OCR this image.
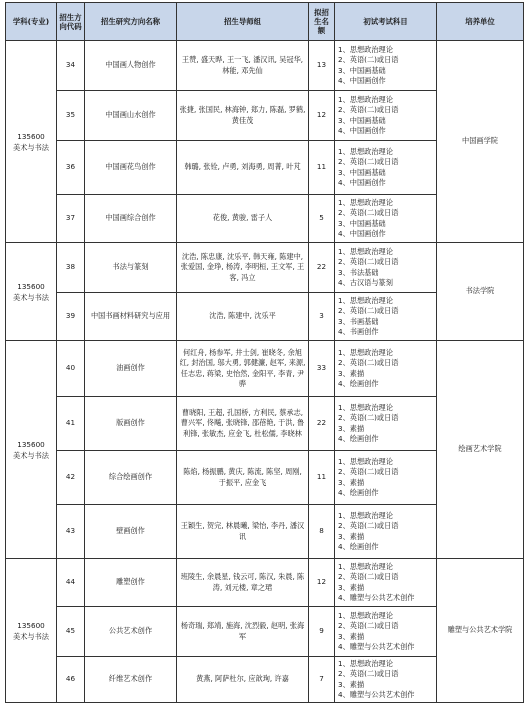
学科(专业)	招生方向代码	招生研究方向名称	招生导师组	拟招生名额	初试考试科目	培养单位
135600
美术与书法	34	中国画人物创作	王赞, 盛天晔, 王一飞, 潘汉讯, 吴冠华, 林能, 邓先仙	13	1、思想政治理论
2、英语(二)或日语
3、中国画基础
4、中国画创作	中国画学院
	35	中国画山水创作	张捷, 张国民, 林海钟, 郑力, 陈磊, 罗鹤, 黄佳茂	12	1、思想政治理论
2、英语(二)或日语
3、中国画基础
4、中国画创作	

	36	中国画花鸟创作	韩璐, 张铨, 卢勇, 刘海勇, 周菁, 叶芃	11	1、思想政治理论
2、英语(二)或日语
3、中国画基础
4、中国画创作	

	37	中国画综合创作	花俊, 黄骏, 雷子人	5	1、思想政治理论
2、英语(二)或日语
3、中国画基础
4、中国画创作	

135600
美术与书法	38	书法与篆刻	沈浩, 陈忠康, 沈乐平, 韩天雍, 陈建中, 张爱国, 金琤, 杨涛, 李明桓, 王文军, 王客, 冯立	22	1、思想政治理论
2、英语(二)或日语
3、书法基础
4、古汉语与篆刻	书法学院
	39	中国书画材料研究与应用	沈浩, 陈建中, 沈乐平	3	1、思想政治理论
2、英语(二)或日语
3、书画基础
4、书画创作	

135600
美术与书法	40	油画创作	何红舟, 杨参军, 井士剑, 崔晓冬, 余旭红, 封治国, 邬大勇, 郭健濂, 赵军, 来源, 任志忠, 蒋梁, 史怡然, 金阳平, 李青, 尹骅	33	1、思想政治理论
2、英语(二)或日语
3、素描
4、绘画创作	绘画艺术学院
	41	版画创作	曹晓阳, 王超, 孔国桥, 方利民, 蔡承志, 曹兴军, 佟飚, 张晓锋, 邵蓓艳, 于洪, 鲁利锋, 张敏杰, 应金飞, 杜松儒, 李晓林	22	1、思想政治理论
2、英语(二)或日语
3、素描
4、绘画创作	

	42	综合绘画创作	陈焰, 杨振鹏, 黄庆, 陈流, 陈坚, 周刚, 于振平, 应金飞	11	1、思想政治理论
2、英语(二)或日语
3、素描
4、绘画创作	

	43	壁画创作	王颖生, 贺完, 林晨曦, 梁怡, 李丹, 潘汉讯	8	1、思想政治理论
2、英语(二)或日语
3、素描
4、绘画创作	

135600
美术与书法	44	雕塑创作	班陵生, 余晨星, 钱云可, 陈汉, 朱晨, 陈涛, 刘元楼, 章之珺	12	1、思想政治理论
2、英语(二)或日语
3、素描
4、雕塑与公共艺术创作	雕塑与公共艺术学院
	45	公共艺术创作	杨奇瑞, 郑靖, 施海, 沈烈毅, 赵明, 张海军	9	1、思想政治理论
2、英语(二)或日语
3、素描
4、雕塑与公共艺术创作	

	46	纤维艺术创作	黄燕, 阿萨杜尔, 应歆珣, 许嘉	7	1、思想政治理论
2、英语(二)或日语
3、素描
4、雕塑与公共艺术创作	
